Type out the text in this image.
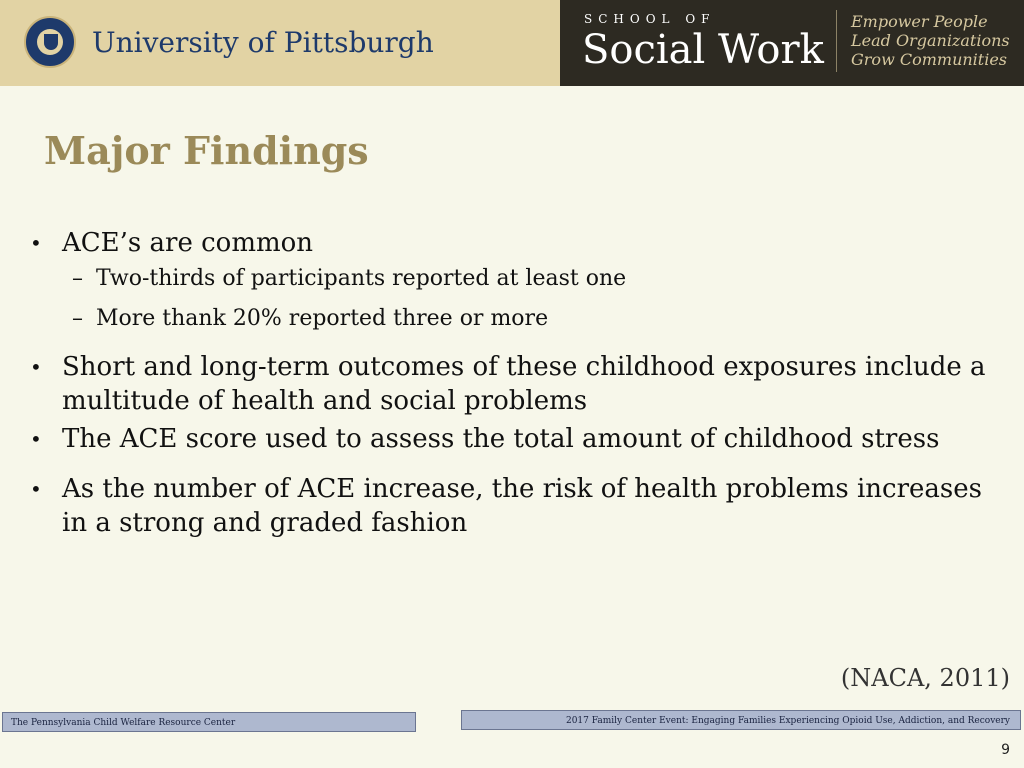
University of Pittsburgh
SCHOOL OF
Social Work
Empower People
Lead Organizations
Grow Communities
Major Findings
• ACE’s are common
– Two-thirds of participants reported at least one
– More thank 20% reported three or more
• Short and long-term outcomes of these childhood exposures include a multitude of health and social problems
• The ACE score used to assess the total amount of childhood stress
• As the number of ACE increase, the risk of health problems increases in a strong and graded fashion
(NACA, 2011)
The Pennsylvania Child Welfare Resource Center	2017 Family Center Event: Engaging Families Experiencing Opioid Use, Addiction, and Recovery
9
